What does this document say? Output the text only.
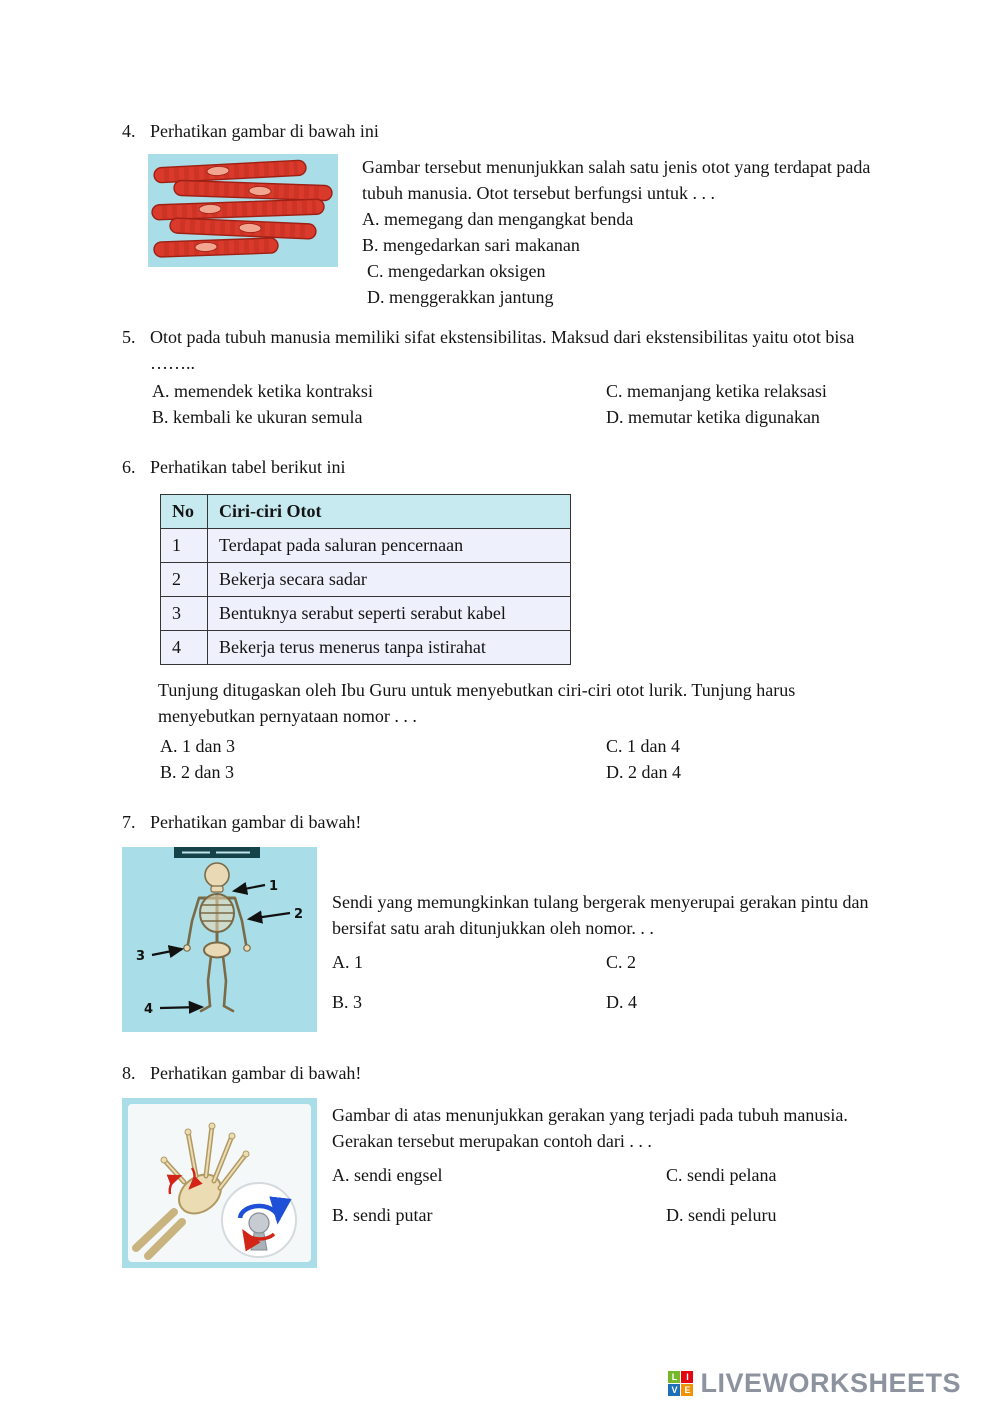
4. Perhatikan gambar di bawah ini

Gambar tersebut menunjukkan salah satu jenis otot yang terdapat pada tubuh manusia. Otot tersebut berfungsi untuk . . .

A. memegang dan mengangkat benda
B. mengedarkan sari makanan
C. mengedarkan oksigen
D. menggerakkan jantung
5. Otot pada tubuh manusia memiliki sifat ekstensibilitas. Maksud dari ekstensibilitas yaitu otot bisa ……..
A. memendek ketika kontraksi	C. memanjang ketika relaksasi
B. kembali ke ukuran semula	D. memutar ketika digunakan
6. Perhatikan tabel berikut ini
No	Ciri-ciri Otot
1	Terdapat pada saluran pencernaan
2	Bekerja secara sadar
3	Bentuknya serabut seperti serabut kabel
4	Bekerja terus menerus tanpa istirahat

Tunjung ditugaskan oleh Ibu Guru untuk menyebutkan ciri-ciri otot lurik. Tunjung harus menyebutkan pernyataan nomor . . .

A. 1 dan 3	C. 1 dan 4
B. 2 dan 3	D. 2 dan 4
7. Perhatikan gambar di bawah!
1
2
3
4

Sendi yang memungkinkan tulang bergerak menyerupai gerakan pintu dan bersifat satu arah ditunjukkan oleh nomor. . .

A. 1	C. 2
B. 3	D. 4
8. Perhatikan gambar di bawah!

Gambar di atas menunjukkan gerakan yang terjadi pada tubuh manusia. Gerakan tersebut merupakan contoh dari . . .

A. sendi engsel	C. sendi pelana
B. sendi putar	D. sendi peluru
L I
V E LIVEWORKSHEETS
